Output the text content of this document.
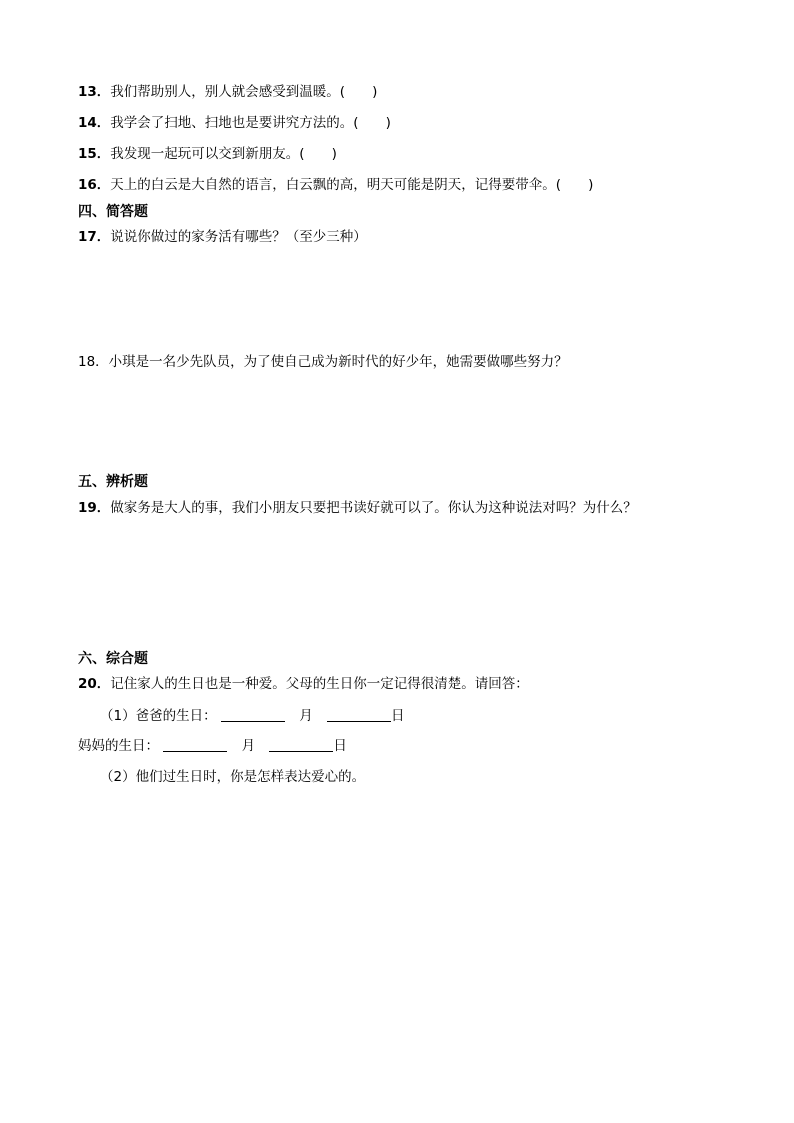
13．我们帮助别人，别人就会感受到温暖。(　　)
14．我学会了扫地、扫地也是要讲究方法的。(　　)
15．我发现一起玩可以交到新朋友。(　　)
16．天上的白云是大自然的语言，白云飘的高，明天可能是阴天，记得要带伞。(　　)
四、简答题
17．说说你做过的家务活有哪些？（至少三种）
18．小琪是一名少先队员，为了使自己成为新时代的好少年，她需要做哪些努力？
五、辨析题
19．做家务是大人的事，我们小朋友只要把书读好就可以了。你认为这种说法对吗？为什么？
六、综合题
20．记住家人的生日也是一种爱。父母的生日你一定记得很清楚。请回答：
（1）爸爸的生日：	月	日
妈妈的生日：	月	日
（2）他们过生日时，你是怎样表达爱心的。
